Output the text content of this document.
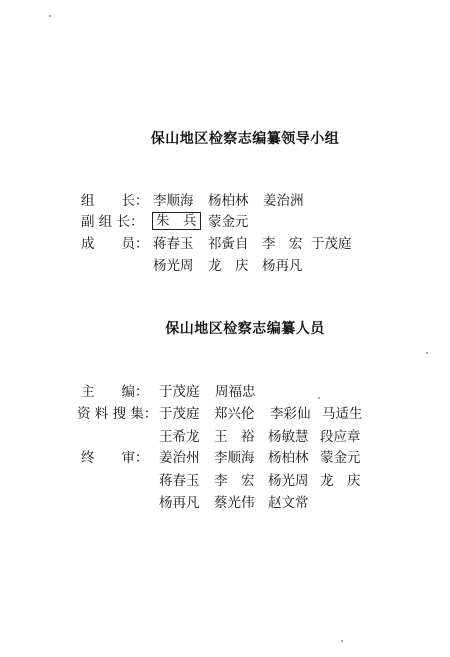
保山地区检察志编纂领导小组
组　　长： 李顺海 杨柏林 姜治洲
副 组 长： 朱　兵 蒙金元
成　　员： 蒋春玉 祁夤自 李　宏 于茂庭
杨光周 龙　庆 杨再凡
保山地区检察志编纂人员
主　　编： 于茂庭 周福忠
资 料 搜 集： 于茂庭 郑兴伦 李彩仙 马适生
王希龙 王　裕 杨敏慧 段应章
终　　审： 姜治州 李顺海 杨柏林 蒙金元
蒋春玉 李　宏 杨光周 龙　庆
杨再凡 蔡光伟 赵文常
